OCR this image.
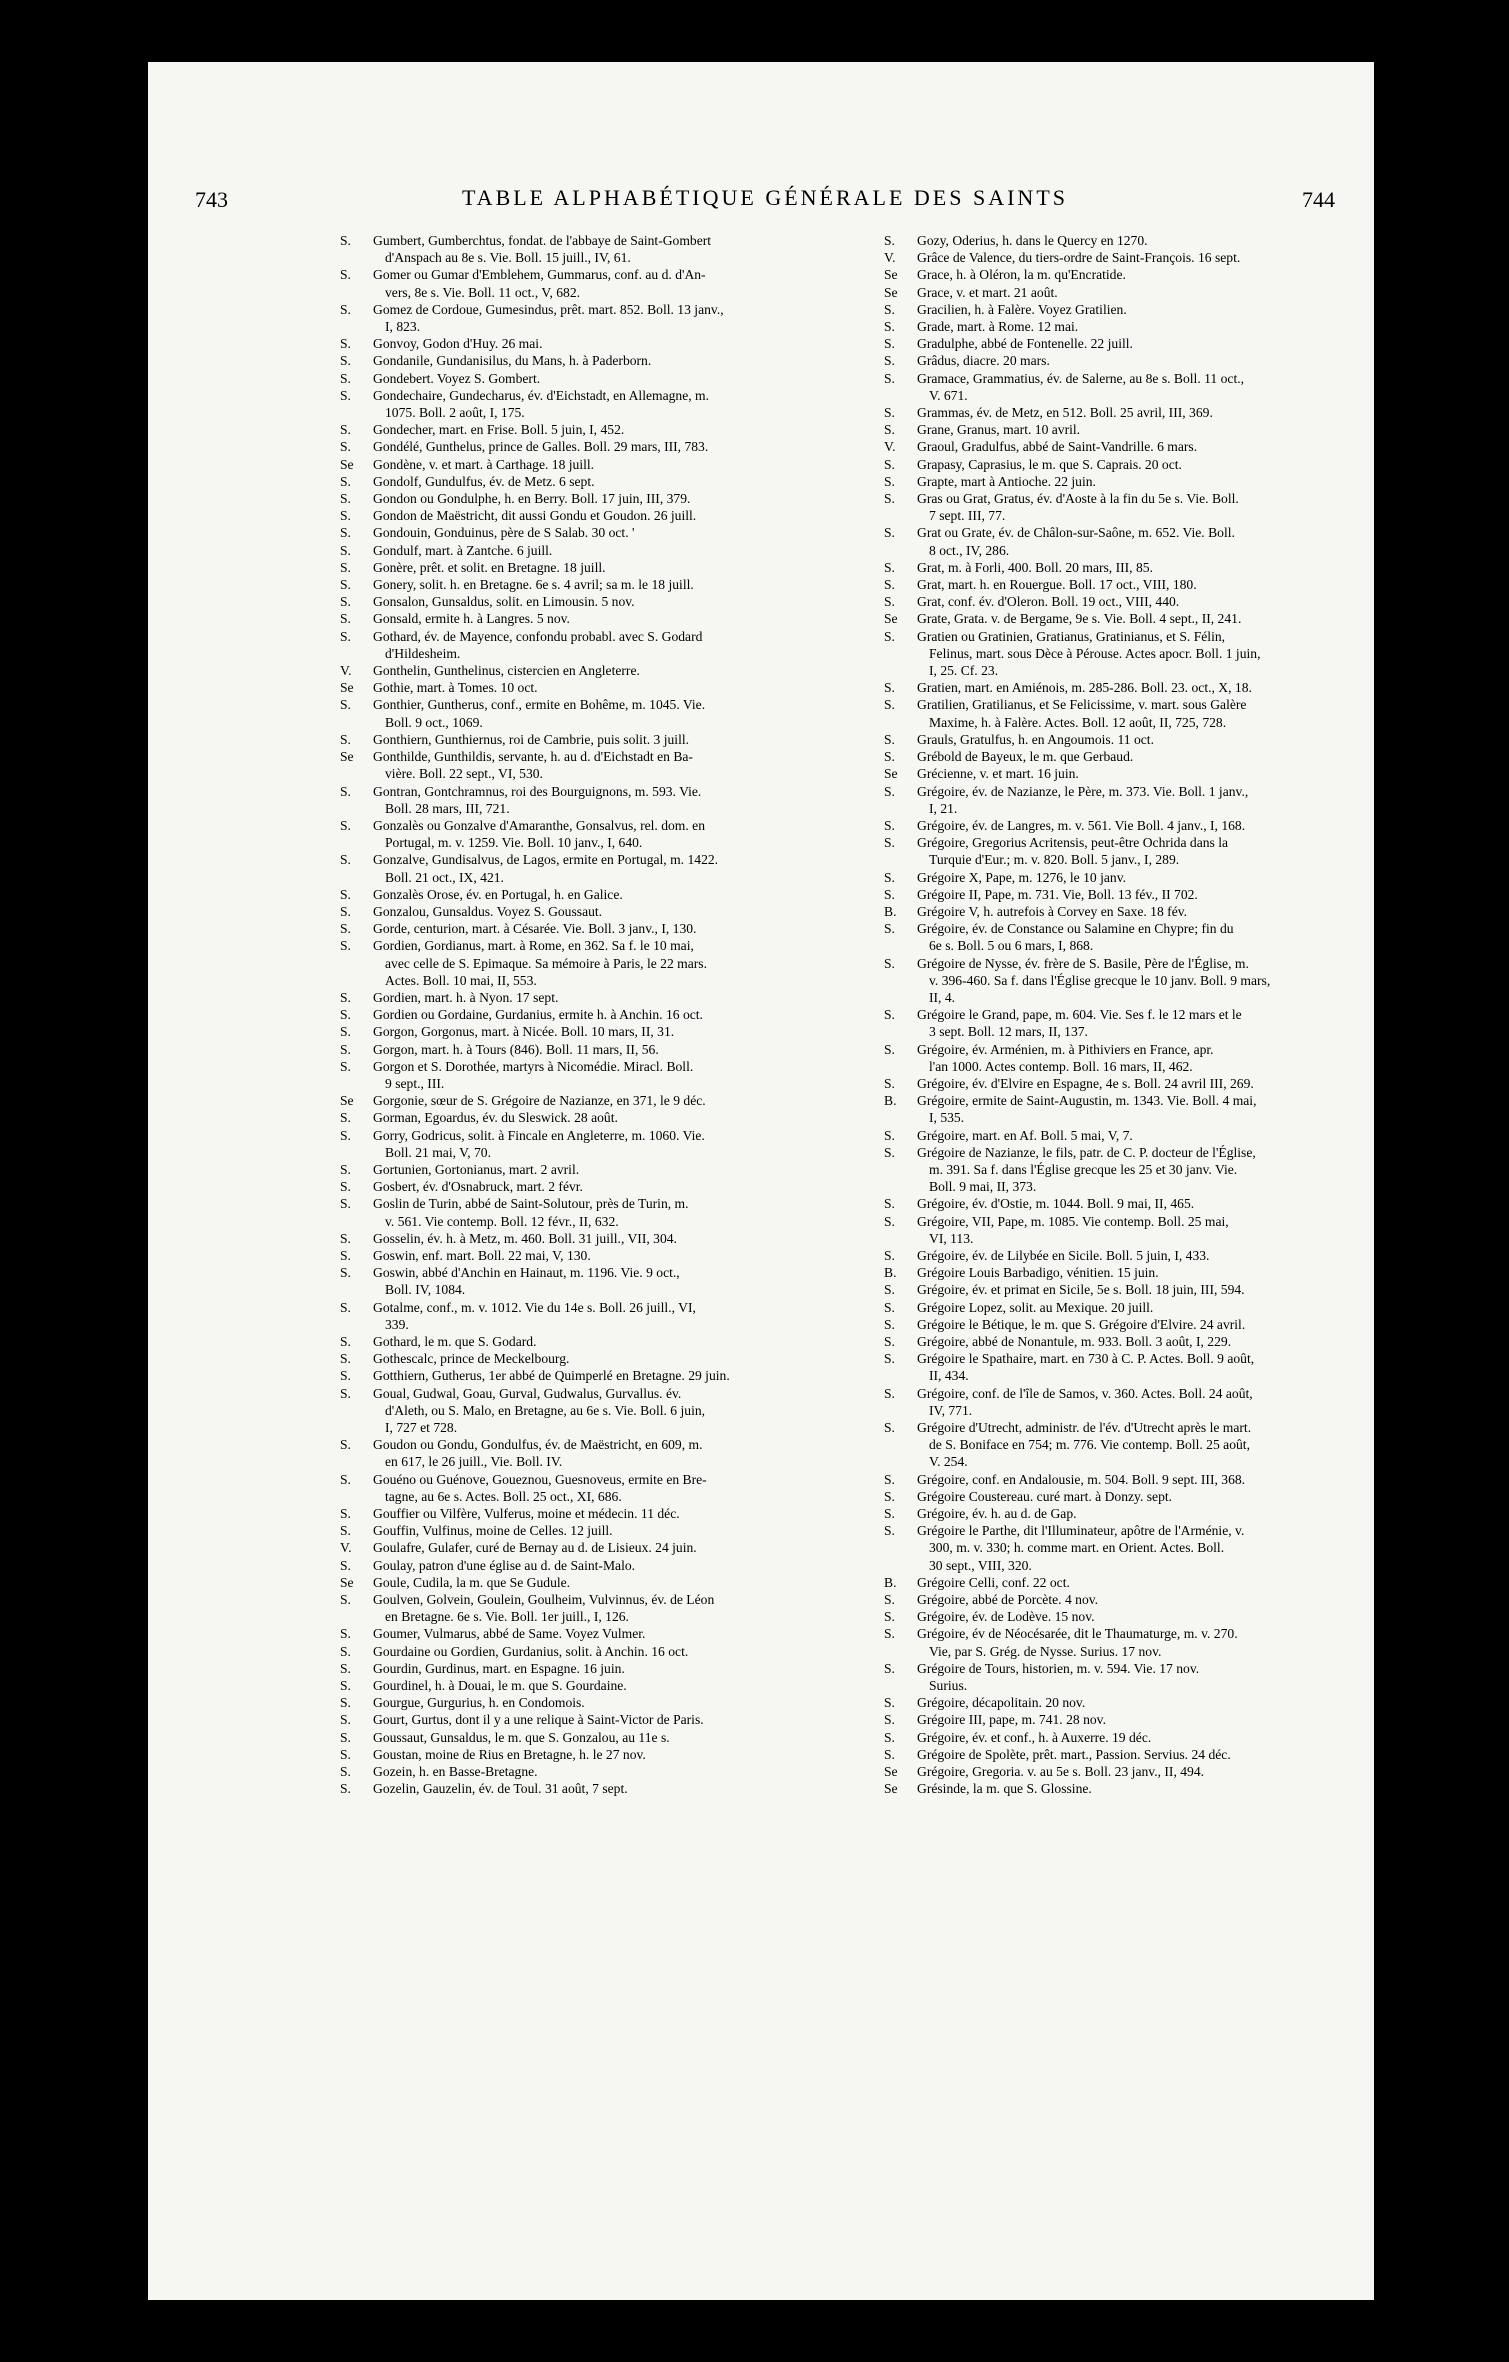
743	TABLE ALPHABÉTIQUE GÉNÉRALE DES SAINTS	744
S.	Gumbert, Gumberchtus, fondat. de l'abbaye de Saint-Gombert
d'Anspach au 8e s. Vie. Boll. 15 juill., IV, 61.
S.	Gomer ou Gumar d'Emblehem, Gummarus, conf. au d. d'An-
vers, 8e s. Vie. Boll. 11 oct., V, 682.
S.	Gomez de Cordoue, Gumesindus, prêt. mart. 852. Boll. 13 janv.,
I, 823.
S.	Gonvoy, Godon d'Huy. 26 mai.
S.	Gondanile, Gundanisilus, du Mans, h. à Paderborn.
S.	Gondebert. Voyez S. Gombert.
S.	Gondechaire, Gundecharus, év. d'Eichstadt, en Allemagne, m.
1075. Boll. 2 août, I, 175.
S.	Gondecher, mart. en Frise. Boll. 5 juin, I, 452.
S.	Gondélé, Gunthelus, prince de Galles. Boll. 29 mars, III, 783.
Se	Gondène, v. et mart. à Carthage. 18 juill.
S.	Gondolf, Gundulfus, év. de Metz. 6 sept.
S.	Gondon ou Gondulphe, h. en Berry. Boll. 17 juin, III, 379.
S.	Gondon de Maëstricht, dit aussi Gondu et Goudon. 26 juill.
S.	Gondouin, Gonduinus, père de S Salab. 30 oct. '
S.	Gondulf, mart. à Zantche. 6 juill.
S.	Gonère, prêt. et solit. en Bretagne. 18 juill.
S.	Gonery, solit. h. en Bretagne. 6e s. 4 avril; sa m. le 18 juill.
S.	Gonsalon, Gunsaldus, solit. en Limousin. 5 nov.
S.	Gonsald, ermite h. à Langres. 5 nov.
S.	Gothard, év. de Mayence, confondu probabl. avec S. Godard
d'Hildesheim.
V.	Gonthelin, Gunthelinus, cistercien en Angleterre.
Se	Gothie, mart. à Tomes. 10 oct.
S.	Gonthier, Guntherus, conf., ermite en Bohême, m. 1045. Vie.
Boll. 9 oct., 1069.
S.	Gonthiern, Gunthiernus, roi de Cambrie, puis solit. 3 juill.
Se	Gonthilde, Gunthildis, servante, h. au d. d'Eichstadt en Ba-
vière. Boll. 22 sept., VI, 530.
S.	Gontran, Gontchramnus, roi des Bourguignons, m. 593. Vie.
Boll. 28 mars, III, 721.
S.	Gonzalès ou Gonzalve d'Amaranthe, Gonsalvus, rel. dom. en
Portugal, m. v. 1259. Vie. Boll. 10 janv., I, 640.
S.	Gonzalve, Gundisalvus, de Lagos, ermite en Portugal, m. 1422.
Boll. 21 oct., IX, 421.
S.	Gonzalès Orose, év. en Portugal, h. en Galice.
S.	Gonzalou, Gunsaldus. Voyez S. Goussaut.
S.	Gorde, centurion, mart. à Césarée. Vie. Boll. 3 janv., I, 130.
S.	Gordien, Gordianus, mart. à Rome, en 362. Sa f. le 10 mai,
avec celle de S. Epimaque. Sa mémoire à Paris, le 22 mars.
Actes. Boll. 10 mai, II, 553.
S.	Gordien, mart. h. à Nyon. 17 sept.
S.	Gordien ou Gordaine, Gurdanius, ermite h. à Anchin. 16 oct.
S.	Gorgon, Gorgonus, mart. à Nicée. Boll. 10 mars, II, 31.
S.	Gorgon, mart. h. à Tours (846). Boll. 11 mars, II, 56.
S.	Gorgon et S. Dorothée, martyrs à Nicomédie. Miracl. Boll.
9 sept., III.
Se	Gorgonie, sœur de S. Grégoire de Nazianze, en 371, le 9 déc.
S.	Gorman, Egoardus, év. du Sleswick. 28 août.
S.	Gorry, Godricus, solit. à Fincale en Angleterre, m. 1060. Vie.
Boll. 21 mai, V, 70.
S.	Gortunien, Gortonianus, mart. 2 avril.
S.	Gosbert, év. d'Osnabruck, mart. 2 févr.
S.	Goslin de Turin, abbé de Saint-Solutour, près de Turin, m.
v. 561. Vie contemp. Boll. 12 févr., II, 632.
S.	Gosselin, év. h. à Metz, m. 460. Boll. 31 juill., VII, 304.
S.	Goswin, enf. mart. Boll. 22 mai, V, 130.
S.	Goswin, abbé d'Anchin en Hainaut, m. 1196. Vie. 9 oct.,
Boll. IV, 1084.
S.	Gotalme, conf., m. v. 1012. Vie du 14e s. Boll. 26 juill., VI,
339.
S.	Gothard, le m. que S. Godard.
S.	Gothescalc, prince de Meckelbourg.
S.	Gotthiern, Gutherus, 1er abbé de Quimperlé en Bretagne. 29 juin.
S.	Goual, Gudwal, Goau, Gurval, Gudwalus, Gurvallus. év.
d'Aleth, ou S. Malo, en Bretagne, au 6e s. Vie. Boll. 6 juin,
I, 727 et 728.
S.	Goudon ou Gondu, Gondulfus, év. de Maëstricht, en 609, m.
en 617, le 26 juill., Vie. Boll. IV.
S.	Gouéno ou Guénove, Goueznou, Guesnoveus, ermite en Bre-
tagne, au 6e s. Actes. Boll. 25 oct., XI, 686.
S.	Gouffier ou Vilfère, Vulferus, moine et médecin. 11 déc.
S.	Gouffin, Vulfinus, moine de Celles. 12 juill.
V.	Goulafre, Gulafer, curé de Bernay au d. de Lisieux. 24 juin.
S.	Goulay, patron d'une église au d. de Saint-Malo.
Se	Goule, Cudila, la m. que Se Gudule.
S.	Goulven, Golvein, Goulein, Goulheim, Vulvinnus, év. de Léon
en Bretagne. 6e s. Vie. Boll. 1er juill., I, 126.
S.	Goumer, Vulmarus, abbé de Same. Voyez Vulmer.
S.	Gourdaine ou Gordien, Gurdanius, solit. à Anchin. 16 oct.
S.	Gourdin, Gurdinus, mart. en Espagne. 16 juin.
S.	Gourdinel, h. à Douai, le m. que S. Gourdaine.
S.	Gourgue, Gurgurius, h. en Condomois.
S.	Gourt, Gurtus, dont il y a une relique à Saint-Victor de Paris.
S.	Goussaut, Gunsaldus, le m. que S. Gonzalou, au 11e s.
S.	Goustan, moine de Rius en Bretagne, h. le 27 nov.
S.	Gozein, h. en Basse-Bretagne.
S.	Gozelin, Gauzelin, év. de Toul. 31 août, 7 sept.
S.	Gozy, Oderius, h. dans le Quercy en 1270.
V.	Grâce de Valence, du tiers-ordre de Saint-François. 16 sept.
Se	Grace, h. à Oléron, la m. qu'Encratide.
Se	Grace, v. et mart. 21 août.
S.	Gracilien, h. à Falère. Voyez Gratilien.
S.	Grade, mart. à Rome. 12 mai.
S.	Gradulphe, abbé de Fontenelle. 22 juill.
S.	Grâdus, diacre. 20 mars.
S.	Gramace, Grammatius, év. de Salerne, au 8e s. Boll. 11 oct.,
V. 671.
S.	Grammas, év. de Metz, en 512. Boll. 25 avril, III, 369.
S.	Grane, Granus, mart. 10 avril.
V.	Graoul, Gradulfus, abbé de Saint-Vandrille. 6 mars.
S.	Grapasy, Caprasius, le m. que S. Caprais. 20 oct.
S.	Grapte, mart à Antioche. 22 juin.
S.	Gras ou Grat, Gratus, év. d'Aoste à la fin du 5e s. Vie. Boll.
7 sept. III, 77.
S.	Grat ou Grate, év. de Châlon-sur-Saône, m. 652. Vie. Boll.
8 oct., IV, 286.
S.	Grat, m. à Forli, 400. Boll. 20 mars, III, 85.
S.	Grat, mart. h. en Rouergue. Boll. 17 oct., VIII, 180.
S.	Grat, conf. év. d'Oleron. Boll. 19 oct., VIII, 440.
Se	Grate, Grata. v. de Bergame, 9e s. Vie. Boll. 4 sept., II, 241.
S.	Gratien ou Gratinien, Gratianus, Gratinianus, et S. Félin,
Felinus, mart. sous Dèce à Pérouse. Actes apocr. Boll. 1 juin,
I, 25. Cf. 23.
S.	Gratien, mart. en Amiénois, m. 285-286. Boll. 23. oct., X, 18.
S.	Gratilien, Gratilianus, et Se Felicissime, v. mart. sous Galère
Maxime, h. à Falère. Actes. Boll. 12 août, II, 725, 728.
S.	Grauls, Gratulfus, h. en Angoumois. 11 oct.
S.	Grébold de Bayeux, le m. que Gerbaud.
Se	Grécienne, v. et mart. 16 juin.
S.	Grégoire, év. de Nazianze, le Père, m. 373. Vie. Boll. 1 janv.,
I, 21.
S.	Grégoire, év. de Langres, m. v. 561. Vie Boll. 4 janv., I, 168.
S.	Grégoire, Gregorius Acritensis, peut-être Ochrida dans la
Turquie d'Eur.; m. v. 820. Boll. 5 janv., I, 289.
S.	Grégoire X, Pape, m. 1276, le 10 janv.
S.	Grégoire II, Pape, m. 731. Vie, Boll. 13 fév., II 702.
B.	Grégoire V, h. autrefois à Corvey en Saxe. 18 fév.
S.	Grégoire, év. de Constance ou Salamine en Chypre; fin du
6e s. Boll. 5 ou 6 mars, I, 868.
S.	Grégoire de Nysse, év. frère de S. Basile, Père de l'Église, m.
v. 396-460. Sa f. dans l'Église grecque le 10 janv. Boll. 9 mars,
II, 4.
S.	Grégoire le Grand, pape, m. 604. Vie. Ses f. le 12 mars et le
3 sept. Boll. 12 mars, II, 137.
S.	Grégoire, év. Arménien, m. à Pithiviers en France, apr.
l'an 1000. Actes contemp. Boll. 16 mars, II, 462.
S.	Grégoire, év. d'Elvire en Espagne, 4e s. Boll. 24 avril III, 269.
B.	Grégoire, ermite de Saint-Augustin, m. 1343. Vie. Boll. 4 mai,
I, 535.
S.	Grégoire, mart. en Af. Boll. 5 mai, V, 7.
S.	Grégoire de Nazianze, le fils, patr. de C. P. docteur de l'Église,
m. 391. Sa f. dans l'Église grecque les 25 et 30 janv. Vie.
Boll. 9 mai, II, 373.
S.	Grégoire, év. d'Ostie, m. 1044. Boll. 9 mai, II, 465.
S.	Grégoire, VII, Pape, m. 1085. Vie contemp. Boll. 25 mai,
VI, 113.
S.	Grégoire, év. de Lilybée en Sicile. Boll. 5 juin, I, 433.
B.	Grégoire Louis Barbadigo, vénitien. 15 juin.
S.	Grégoire, év. et primat en Sicile, 5e s. Boll. 18 juin, III, 594.
S.	Grégoire Lopez, solit. au Mexique. 20 juill.
S.	Grégoire le Bétique, le m. que S. Grégoire d'Elvire. 24 avril.
S.	Grégoire, abbé de Nonantule, m. 933. Boll. 3 août, I, 229.
S.	Grégoire le Spathaire, mart. en 730 à C. P. Actes. Boll. 9 août,
II, 434.
S.	Grégoire, conf. de l'île de Samos, v. 360. Actes. Boll. 24 août,
IV, 771.
S.	Grégoire d'Utrecht, administr. de l'év. d'Utrecht après le mart.
de S. Boniface en 754; m. 776. Vie contemp. Boll. 25 août,
V. 254.
S.	Grégoire, conf. en Andalousie, m. 504. Boll. 9 sept. III, 368.
S.	Grégoire Coustereau. curé mart. à Donzy. sept.
S.	Grégoire, év. h. au d. de Gap.
S.	Grégoire le Parthe, dit l'Illuminateur, apôtre de l'Arménie, v.
300, m. v. 330; h. comme mart. en Orient. Actes. Boll.
30 sept., VIII, 320.
B.	Grégoire Celli, conf. 22 oct.
S.	Grégoire, abbé de Porcète. 4 nov.
S.	Grégoire, év. de Lodève. 15 nov.
S.	Grégoire, év de Néocésarée, dit le Thaumaturge, m. v. 270.
Vie, par S. Grég. de Nysse. Surius. 17 nov.
S.	Grégoire de Tours, historien, m. v. 594. Vie. 17 nov.
Surius.
S.	Grégoire, décapolitain. 20 nov.
S.	Grégoire III, pape, m. 741. 28 nov.
S.	Grégoire, év. et conf., h. à Auxerre. 19 déc.
S.	Grégoire de Spolète, prêt. mart., Passion. Servius. 24 déc.
Se	Grégoire, Gregoria. v. au 5e s. Boll. 23 janv., II, 494.
Se	Grésinde, la m. que S. Glossine.
